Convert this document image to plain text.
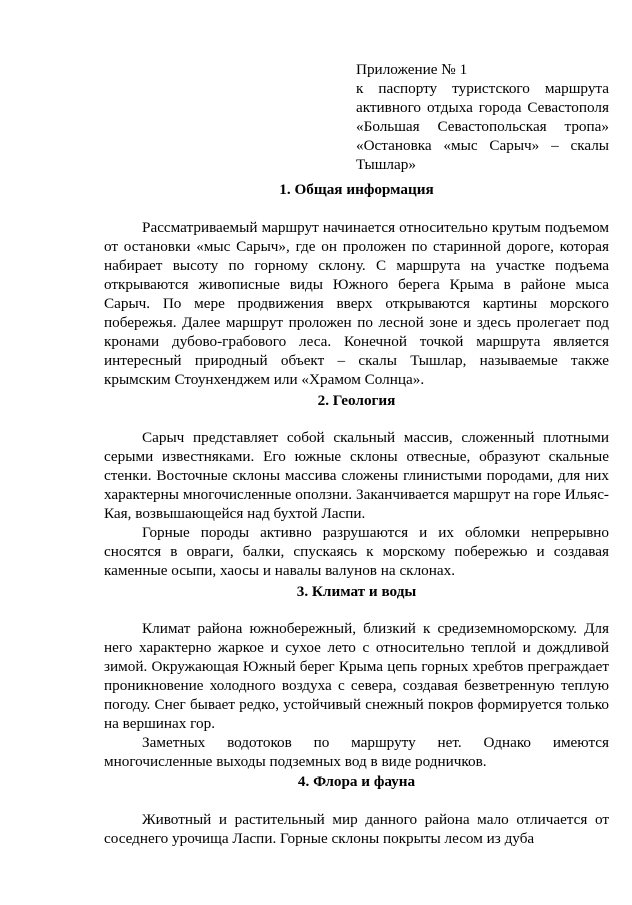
Приложение № 1
к паспорту туристского маршрута
активного отдыха города Севастополя
«Большая Севастопольская тропа»
«Остановка «мыс Сарыч» – скалы
Тышлар»
1. Общая информация

Рассматриваемый маршрут начинается относительно крутым подъемом от остановки «мыс Сарыч», где он проложен по старинной дороге, которая набирает высоту по горному склону. С маршрута на участке подъема открываются живописные виды Южного берега Крыма в районе мыса Сарыч. По мере продвижения вверх открываются картины морского побережья. Далее маршрут проложен по лесной зоне и здесь пролегает под кронами дубово-грабового леса. Конечной точкой маршрута является интересный природный объект – скалы Тышлар, называемые также крымским Стоунхенджем или «Храмом Солнца».

2. Геология

Сарыч представляет собой скальный массив, сложенный плотными серыми известняками. Его южные склоны отвесные, образуют скальные стенки. Восточные склоны массива сложены глинистыми породами, для них характерны многочисленные оползни. Заканчивается маршрут на горе Ильяс-Кая, возвышающейся над бухтой Ласпи.

Горные породы активно разрушаются и их обломки непрерывно сносятся в овраги, балки, спускаясь к морскому побережью и создавая каменные осыпи, хаосы и навалы валунов на склонах.

3. Климат и воды

Климат района южнобережный, близкий к средиземноморскому. Для него характерно жаркое и сухое лето с относительно теплой и дождливой зимой. Окружающая Южный берег Крыма цепь горных хребтов преграждает проникновение холодного воздуха с севера, создавая безветренную теплую погоду. Снег бывает редко, устойчивый снежный покров формируется только на вершинах гор.

Заметных водотоков по маршруту нет. Однако имеются многочисленные выходы подземных вод в виде родничков.

4. Флора и фауна

Животный и растительный мир данного района мало отличается от соседнего урочища Ласпи. Горные склоны покрыты лесом из дуба
